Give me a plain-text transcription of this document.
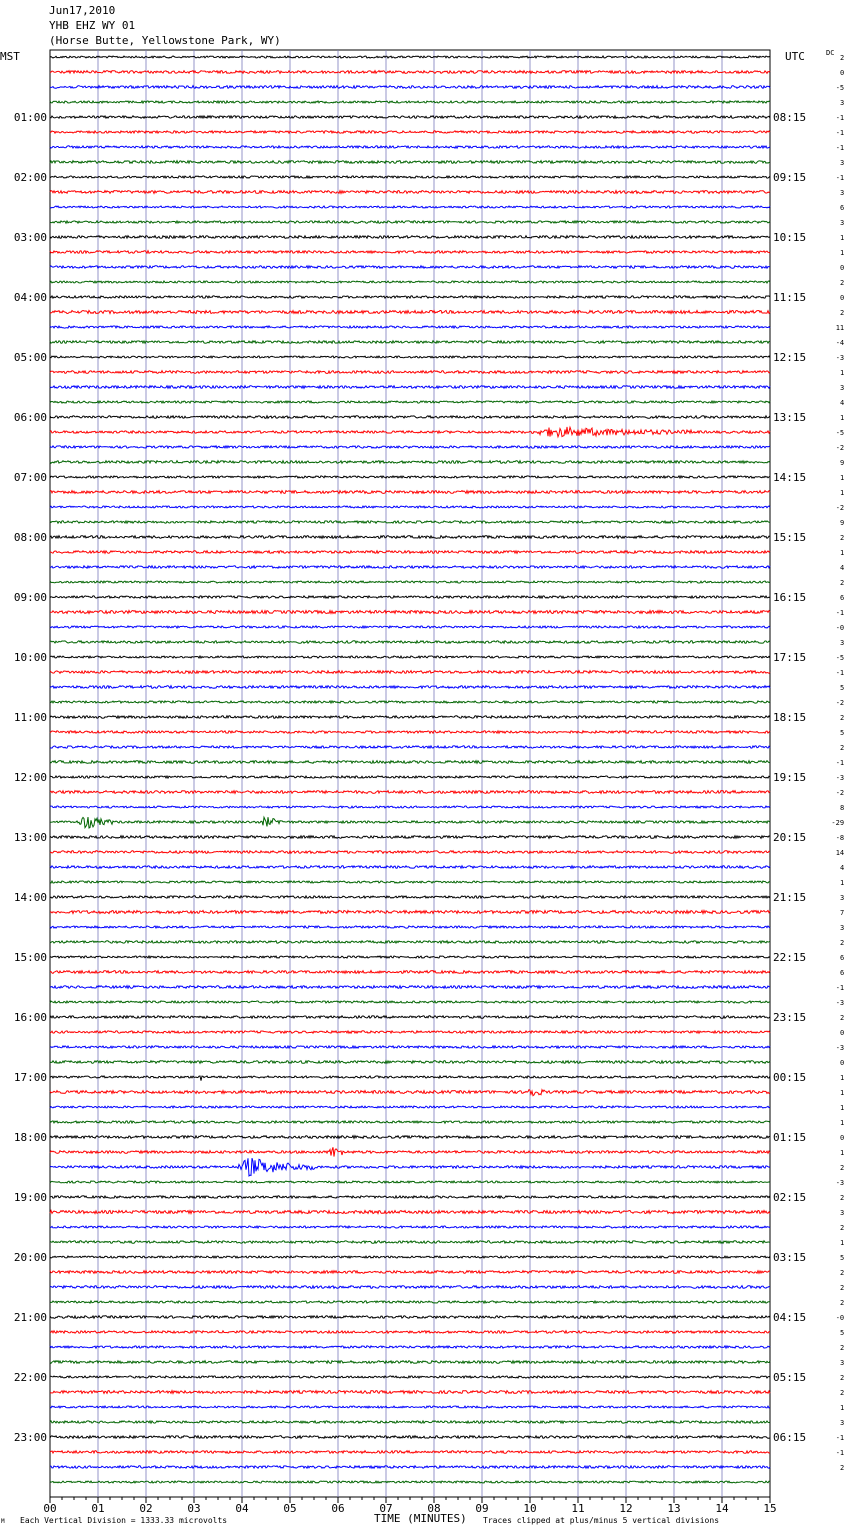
Jun17,2010
YHB EHZ WY 01
(Horse Butte, Yellowstone Park, WY)
MST	UTC	DC
00	01	02	03	04	05	06	07	08	09	10	11	12	13	14	15
2
0
-5
3
-1
-1
-1
3
-1
3
6
3
1
1
0
2
0
2
11
-4
-3
1
3
4
1
-5
-2
9
1
1
-2
9
2
1
4
2
6
-1
-0
3
-5
-1
5
-2
2
5
2
-1
-3
-2
8
-29
-8
14
4
1
3
7
3
2
6
6
-1
-3
2
0
-3
0
1
1
1
1
0
1
2
-3
2
3
2
1
5
2
2
2
-0
5
2
3
2
2
1
3
-1
-1
2
01:00	08:15
02:00	09:15
03:00	10:15
04:00	11:15
05:00	12:15
06:00	13:15
07:00	14:15
08:00	15:15
09:00	16:15
10:00	17:15
11:00	18:15
12:00	19:15
13:00	20:15
14:00	21:15
15:00	22:15
16:00	23:15
17:00	00:15
18:00	01:15
19:00	02:15
20:00	03:15
21:00	04:15
22:00	05:15
23:00	06:15
TIME (MINUTES)
M Each Vertical Division = 1333.33 microvolts	Traces clipped at plus/minus 5 vertical divisions
